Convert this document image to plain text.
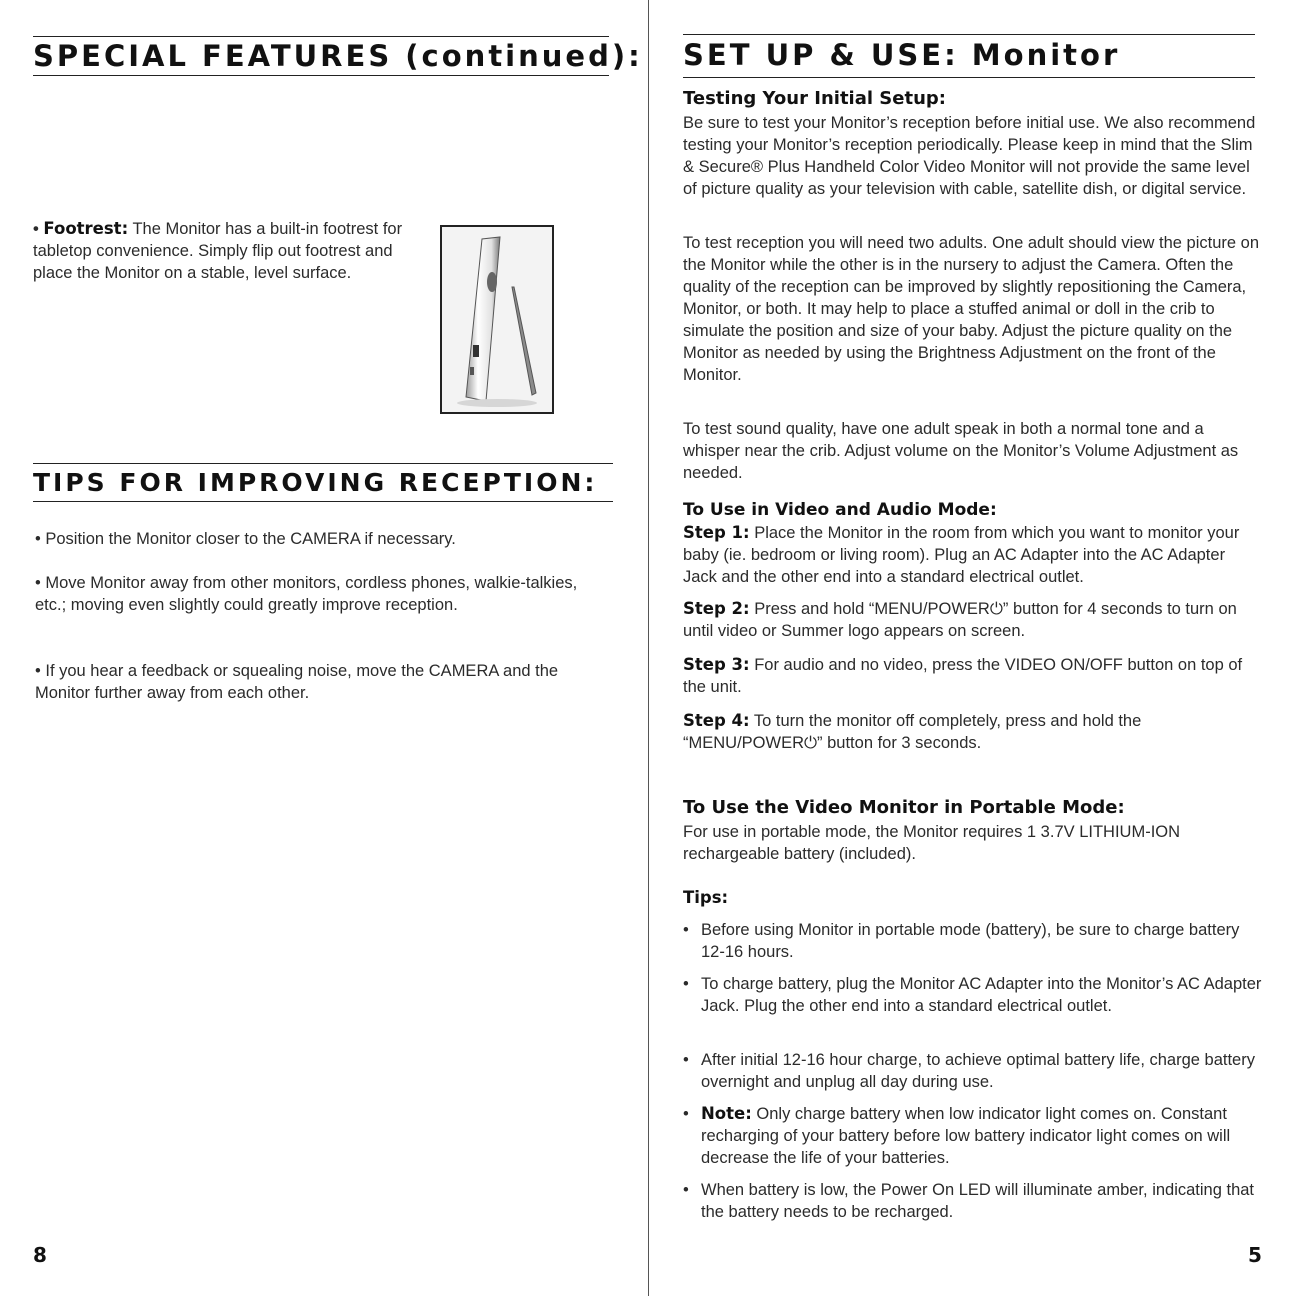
SPECIAL FEATURES (continued):
• Footrest: The Monitor has a built-in footrest for tabletop convenience. Simply flip out footrest and place the Monitor on a stable, level surface.
TIPS FOR IMPROVING RECEPTION:

• Position the Monitor closer to the CAMERA if necessary.

• Move Monitor away from other monitors, cordless phones, walkie-talkies, etc.; moving even slightly could greatly improve reception.

• If you hear a feedback or squealing noise, move the CAMERA and the Monitor further away from each other.

8

SET UP & USE: Monitor
Testing Your Initial Setup:

Be sure to test your Monitor’s reception before initial use. We also recommend testing your Monitor’s reception periodically. Please keep in mind that the Slim & Secure® Plus Handheld Color Video Monitor will not provide the same level of picture quality as your television with cable, satellite dish, or digital service.

To test reception you will need two adults. One adult should view the picture on the Monitor while the other is in the nursery to adjust the Camera. Often the quality of the reception can be improved by slightly repositioning the Camera, Monitor, or both. It may help to place a stuffed animal or doll in the crib to simulate the position and size of your baby. Adjust the picture quality on the Monitor as needed by using the Brightness Adjustment on the front of the Monitor.

To test sound quality, have one adult speak in both a normal tone and a whisper near the crib. Adjust volume on the Monitor’s Volume Adjustment as needed.

To Use in Video and Audio Mode:

Step 1: Place the Monitor in the room from which you want to monitor your baby (ie. bedroom or living room). Plug an AC Adapter into the AC Adapter Jack and the other end into a standard electrical outlet.

Step 2: Press and hold “MENU/POWER⏻” button for 4 seconds to turn on until video or Summer logo appears on screen.

Step 3: For audio and no video, press the VIDEO ON/OFF button on top of the unit.

Step 4: To turn the monitor off completely, press and hold the “MENU/POWER⏻” button for 3 seconds.

To Use the Video Monitor in Portable Mode:

For use in portable mode, the Monitor requires 1 3.7V LITHIUM-ION rechargeable battery (included).

Tips:

• Before using Monitor in portable mode (battery), be sure to charge battery 12-16 hours.
• To charge battery, plug the Monitor AC Adapter into the Monitor’s AC Adapter Jack. Plug the other end into a standard electrical outlet.
• After initial 12-16 hour charge, to achieve optimal battery life, charge battery overnight and unplug all day during use.
• Note: Only charge battery when low indicator light comes on. Constant recharging of your battery before low battery indicator light comes on will decrease the life of your batteries.
• When battery is low, the Power On LED will illuminate amber, indicating that the battery needs to be recharged.

5
